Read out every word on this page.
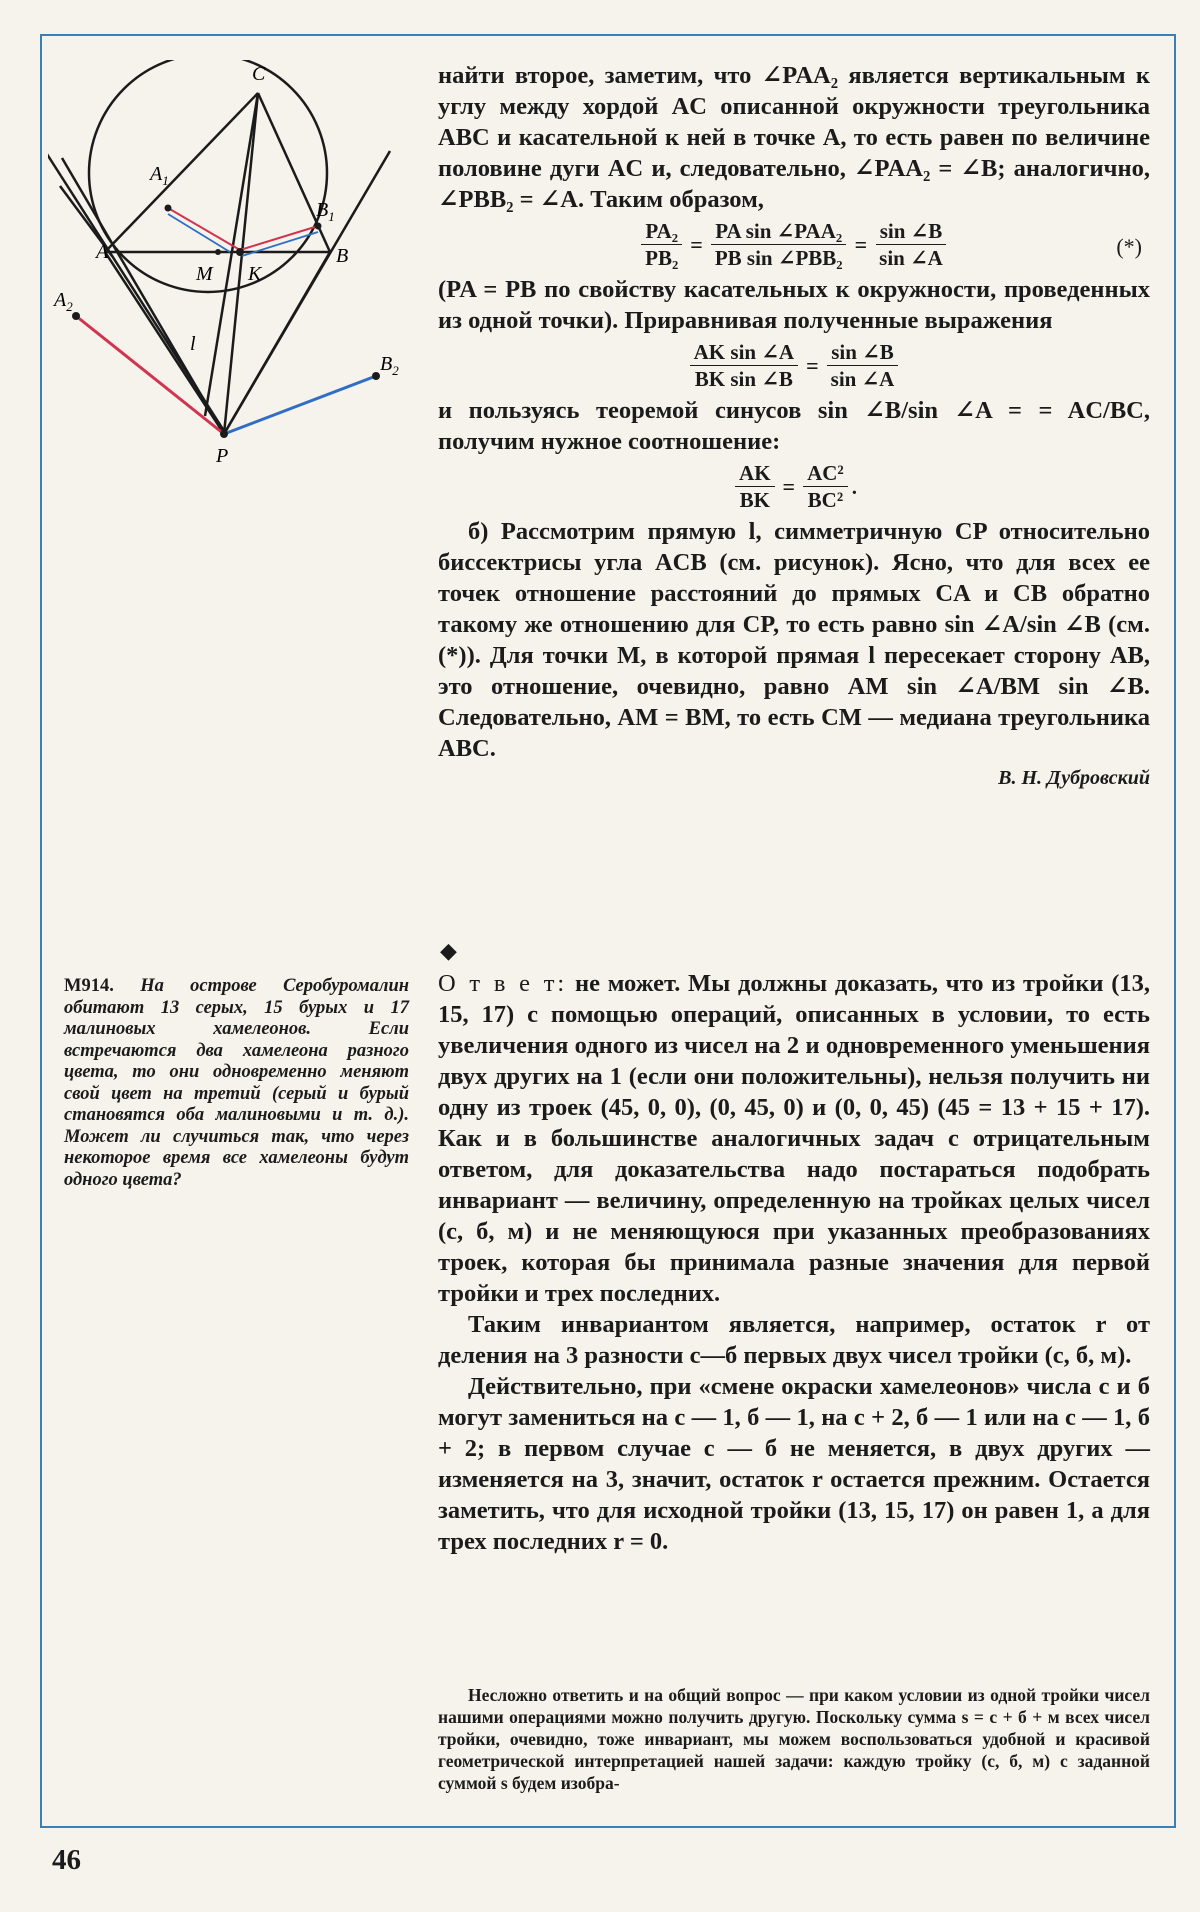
C
$A_1$
$B_1$
A	B
M K
$A_2$
$B_2$
l
P

найти второе, заметим, что ∠PAA₂ является вертикальным к углу между хордой AC описанной окружности треугольника ABC и касательной к ней в точке A, то есть равен по величине половине дуги AC и, следовательно, ∠PAA₂ = ∠B; аналогично, ∠PBB₂ = ∠A. Таким образом,

$\frac{\text{PA₂}}{\text{PB₂}} = \frac{\text{PA sin ∠PAA₂}}{\text{PB sin ∠PBB₂}} = \frac{\sin \angle B}{\sin \angle A}$	(*)

(PA = PB по свойству касательных к окружности, проведенных из одной точки). Приравнивая полученные выражения

$\frac{\text{AK sin ∠A}}{\text{BK sin ∠B}} = \frac{\sin \angle B}{\sin \angle A}$

и пользуясь теоремой синусов sin ∠B/sin ∠A = = AC/BC, получим нужное соотношение:

$\frac{AK}{BK} = \frac{\text{AC²}}{\text{BC²}}$ .

б) Рассмотрим прямую l, симметричную CP относительно биссектрисы угла ACB (см. рисунок). Ясно, что для всех ее точек отношение расстояний до прямых CA и CB обратно такому же отношению для CP, то есть равно sin ∠A/sin ∠B (см. (*)). Для точки M, в которой прямая l пересекает сторону AB, это отношение, очевидно, равно AM sin ∠A/BM sin ∠B. Следовательно, AM = BM, то есть CM — медиана треугольника ABC.

В. Н. Дубровский
◆
M914. На острове Серобуромалин обитают 13 серых, 15 бурых и 17 малиновых хамелеонов. Если встречаются два хамелеона разного цвета, то они одновременно меняют свой цвет на третий (серый и бурый становятся оба малиновыми и т. д.). Может ли случиться так, что через некоторое время все хамелеоны будут одного цвета?

О т в е т: не может. Мы должны доказать, что из тройки (13, 15, 17) с помощью операций, описанных в условии, то есть увеличения одного из чисел на 2 и одновременного уменьшения двух других на 1 (если они положительны), нельзя получить ни одну из троек (45, 0, 0), (0, 45, 0) и (0, 0, 45) (45 = 13 + 15 + 17). Как и в большинстве аналогичных задач с отрицательным ответом, для доказательства надо постараться подобрать инвариант — величину, определенную на тройках целых чисел (с, б, м) и не меняющуюся при указанных преобразованиях троек, которая бы принимала разные значения для первой тройки и трех последних.

Таким инвариантом является, например, остаток r от деления на 3 разности с—б первых двух чисел тройки (с, б, м).

Действительно, при «смене окраски хамелеонов» числа с и б могут замениться на с — 1, б — 1, на с + 2, б — 1 или на с — 1, б + 2; в первом случае с — б не меняется, в двух других — изменяется на 3, значит, остаток r остается прежним. Остается заметить, что для исходной тройки (13, 15, 17) он равен 1, а для трех последних r = 0.

Несложно ответить и на общий вопрос — при каком условии из одной тройки чисел нашими операциями можно получить другую. Поскольку сумма s = с + б + м всех чисел тройки, очевидно, тоже инвариант, мы можем воспользоваться удобной и красивой геометрической интерпретацией нашей задачи: каждую тройку (с, б, м) с заданной суммой s будем изобра-

46
